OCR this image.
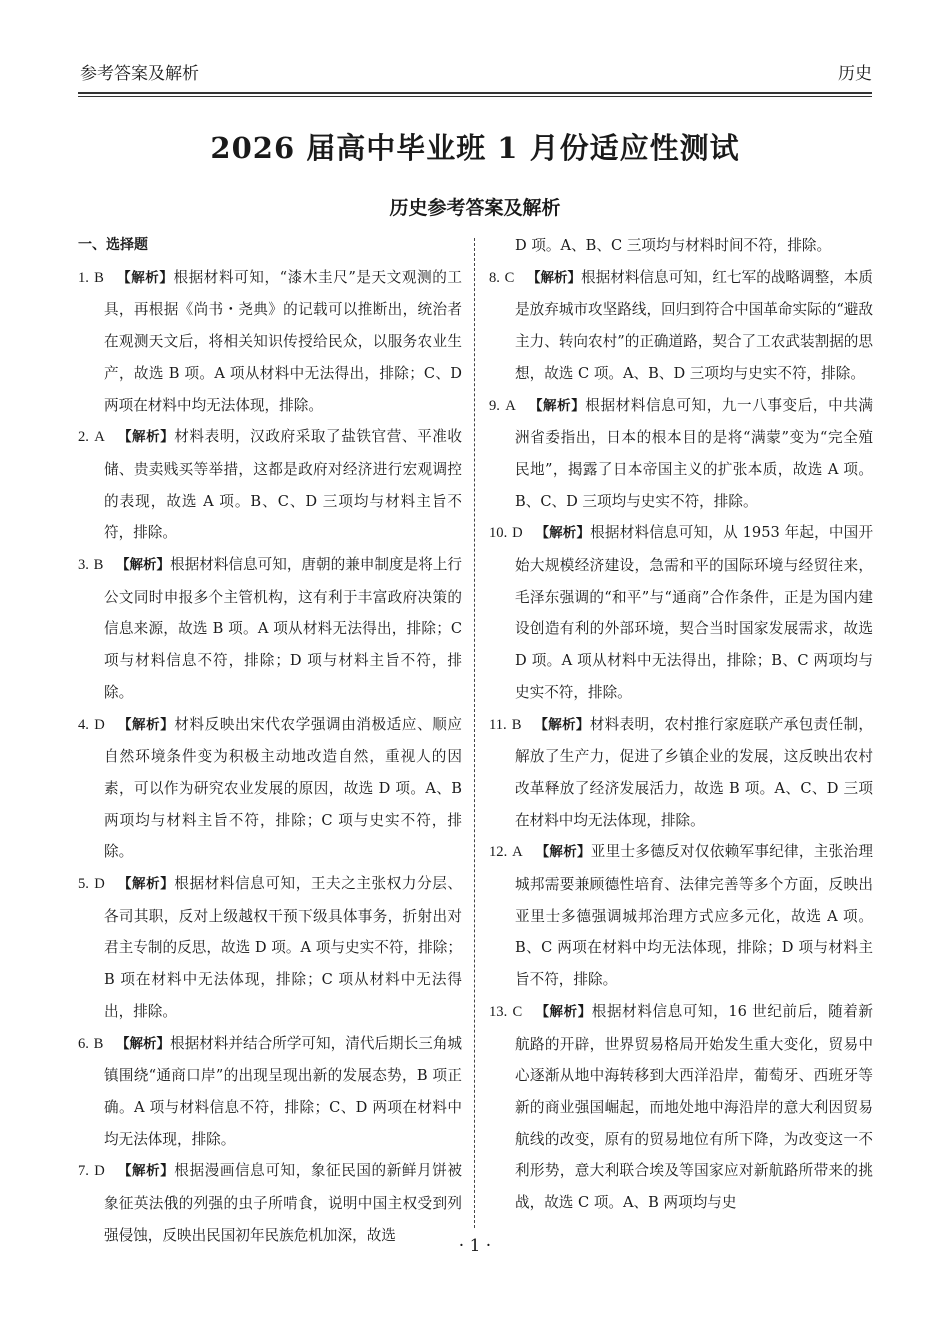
参考答案及解析	历史
2026 届高中毕业班 1 月份适应性测试
历史参考答案及解析
一、选择题

1. B 【解析】根据材料可知，“漆木圭尺”是天文观测的工具，再根据《尚书・尧典》的记载可以推断出，统治者在观测天文后，将相关知识传授给民众，以服务农业生产，故选 B 项。A 项从材料中无法得出，排除；C、D 两项在材料中均无法体现，排除。

2. A 【解析】材料表明，汉政府采取了盐铁官营、平准收储、贵卖贱买等举措，这都是政府对经济进行宏观调控的表现，故选 A 项。B、C、D 三项均与材料主旨不符，排除。

3. B 【解析】根据材料信息可知，唐朝的兼申制度是将上行公文同时申报多个主管机构，这有利于丰富政府决策的信息来源，故选 B 项。A 项从材料无法得出，排除；C 项与材料信息不符，排除；D 项与材料主旨不符，排除。

4. D 【解析】材料反映出宋代农学强调由消极适应、顺应自然环境条件变为积极主动地改造自然，重视人的因素，可以作为研究农业发展的原因，故选 D 项。A、B 两项均与材料主旨不符，排除；C 项与史实不符，排除。

5. D 【解析】根据材料信息可知，王夫之主张权力分层、各司其职，反对上级越权干预下级具体事务，折射出对君主专制的反思，故选 D 项。A 项与史实不符，排除；B 项在材料中无法体现，排除；C 项从材料中无法得出，排除。

6. B 【解析】根据材料并结合所学可知，清代后期长三角城镇围绕“通商口岸”的出现呈现出新的发展态势，B 项正确。A 项与材料信息不符，排除；C、D 两项在材料中均无法体现，排除。

7. D 【解析】根据漫画信息可知，象征民国的新鲜月饼被象征英法俄的列强的虫子所啃食，说明中国主权受到列强侵蚀，反映出民国初年民族危机加深，故选

D 项。A、B、C 三项均与材料时间不符，排除。

8. C 【解析】根据材料信息可知，红七军的战略调整，本质是放弃城市攻坚路线，回归到符合中国革命实际的“避敌主力、转向农村”的正确道路，契合了工农武装割据的思想，故选 C 项。A、B、D 三项均与史实不符，排除。

9. A 【解析】根据材料信息可知，九一八事变后，中共满洲省委指出，日本的根本目的是将“满蒙”变为“完全殖民地”，揭露了日本帝国主义的扩张本质，故选 A 项。B、C、D 三项均与史实不符，排除。

10. D 【解析】根据材料信息可知，从 1953 年起，中国开始大规模经济建设，急需和平的国际环境与经贸往来，毛泽东强调的“和平”与“通商”合作条件，正是为国内建设创造有利的外部环境，契合当时国家发展需求，故选 D 项。A 项从材料中无法得出，排除；B、C 两项均与史实不符，排除。

11. B 【解析】材料表明，农村推行家庭联产承包责任制，解放了生产力，促进了乡镇企业的发展，这反映出农村改革释放了经济发展活力，故选 B 项。A、C、D 三项在材料中均无法体现，排除。

12. A 【解析】亚里士多德反对仅依赖军事纪律，主张治理城邦需要兼顾德性培育、法律完善等多个方面，反映出亚里士多德强调城邦治理方式应多元化，故选 A 项。B、C 两项在材料中均无法体现，排除；D 项与材料主旨不符，排除。

13. C 【解析】根据材料信息可知，16 世纪前后，随着新航路的开辟，世界贸易格局开始发生重大变化，贸易中心逐渐从地中海转移到大西洋沿岸，葡萄牙、西班牙等新的商业强国崛起，而地处地中海沿岸的意大利因贸易航线的改变，原有的贸易地位有所下降，为改变这一不利形势，意大利联合埃及等国家应对新航路所带来的挑战，故选 C 项。A、B 两项均与史

· 1 ·
